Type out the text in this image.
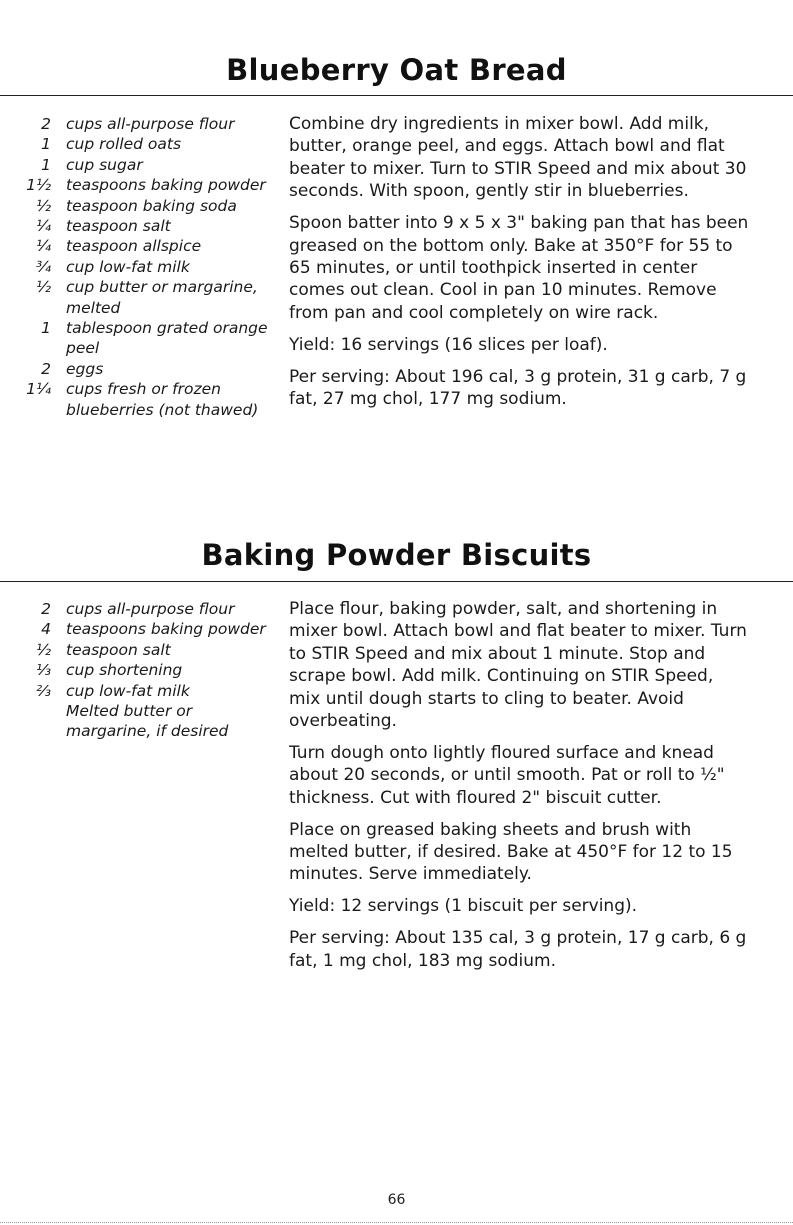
Blueberry Oat Bread
2 cups all-purpose flour
1 cup rolled oats
1 cup sugar
1½ teaspoons baking powder
½ teaspoon baking soda
¼ teaspoon salt
¼ teaspoon allspice
¾ cup low-fat milk
½ cup butter or margarine, melted
1 tablespoon grated orange peel
2 eggs
1¼ cups fresh or frozen blueberries (not thawed)

Combine dry ingredients in mixer bowl. Add milk, butter, orange peel, and eggs. Attach bowl and flat beater to mixer. Turn to STIR Speed and mix about 30 seconds. With spoon, gently stir in blueberries.

Spoon batter into 9 x 5 x 3" baking pan that has been greased on the bottom only. Bake at 350°F for 55 to 65 minutes, or until toothpick inserted in center comes out clean. Cool in pan 10 minutes. Remove from pan and cool completely on wire rack.

Yield: 16 servings (16 slices per loaf).

Per serving: About 196 cal, 3 g protein, 31 g carb, 7 g fat, 27 mg chol, 177 mg sodium.

Baking Powder Biscuits
2 cups all-purpose flour
4 teaspoons baking powder
½ teaspoon salt
⅓ cup shortening
⅔ cup low-fat milk
Melted butter or margarine, if desired

Place flour, baking powder, salt, and shortening in mixer bowl. Attach bowl and flat beater to mixer. Turn to STIR Speed and mix about 1 minute. Stop and scrape bowl. Add milk. Continuing on STIR Speed, mix until dough starts to cling to beater. Avoid overbeating.

Turn dough onto lightly floured surface and knead about 20 seconds, or until smooth. Pat or roll to ½" thickness. Cut with floured 2" biscuit cutter.

Place on greased baking sheets and brush with melted butter, if desired. Bake at 450°F for 12 to 15 minutes. Serve immediately.

Yield: 12 servings (1 biscuit per serving).

Per serving: About 135 cal, 3 g protein, 17 g carb, 6 g fat, 1 mg chol, 183 mg sodium.

66
